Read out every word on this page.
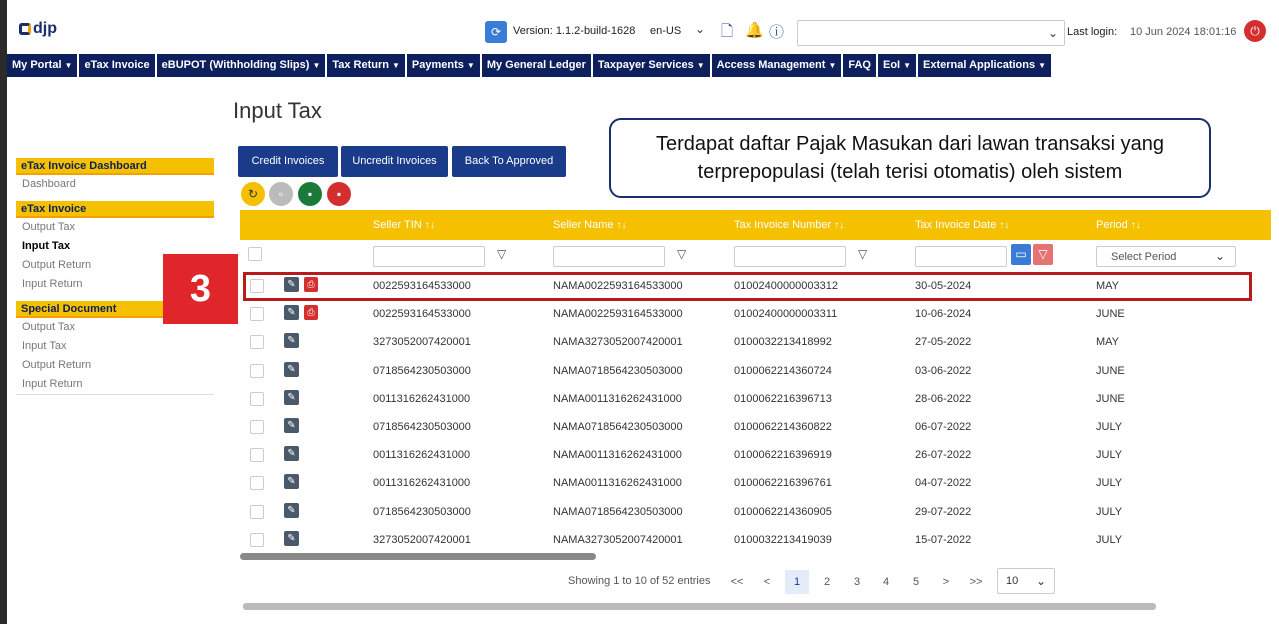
djp	⟳	Version: 1.1.2-build-1628 en-US ⌄ 🗋 🔔 ⓘ	⌄ Last login: 10 Jun 2024 18:01:16	⏻
My Portal ▼	eTax Invoice	eBUPOT (Withholding Slips) ▼	Tax Return ▼	Payments ▼	My General Ledger	Taxpayer Services ▼	Access Management ▼	FAQ	EoI ▼	External Applications ▼
eTax Invoice Dashboard
Dashboard
eTax Invoice
Output Tax
Input Tax
Output Return
Input Return
Special Document
Output Tax
Input Tax
Output Return
Input Return
Input Tax
Credit Invoices	Uncredit Invoices	Back To Approved
↻	▫	▪	▪
Terdapat daftar Pajak Masukan dari lawan transaksi yang terprepopulasi (telah terisi otomatis) oleh sistem
Seller TIN ↑↓	Seller Name ↑↓	Tax Invoice Number ↑↓	Tax Invoice Date ↑↓	Period ↑↓
▽	▽	▽	▭ ▽	Select Period	⌄
✎	⎙	0022593164533000	NAMA0022593164533000	01002400000003312	30-05-2024	MAY
✎	⎙	0022593164533000	NAMA0022593164533000	01002400000003311	10-06-2024	JUNE
✎	3273052007420001	NAMA3273052007420001	0100032213418992	27-05-2022	MAY
✎	0718564230503000	NAMA0718564230503000	0100062214360724	03-06-2022	JUNE
✎	0011316262431000	NAMA0011316262431000	0100062216396713	28-06-2022	JUNE
✎	0718564230503000	NAMA0718564230503000	0100062214360822	06-07-2022	JULY
✎	0011316262431000	NAMA0011316262431000	0100062216396919	26-07-2022	JULY
✎	0011316262431000	NAMA0011316262431000	0100062216396761	04-07-2022	JULY
✎	0718564230503000	NAMA0718564230503000	0100062214360905	29-07-2022	JULY
✎	3273052007420001	NAMA3273052007420001	0100032213419039	15-07-2022	JULY
3
Showing 1 to 10 of 52 entries	<<	<	1	2	3	4	5	>	>>	10 ⌄
